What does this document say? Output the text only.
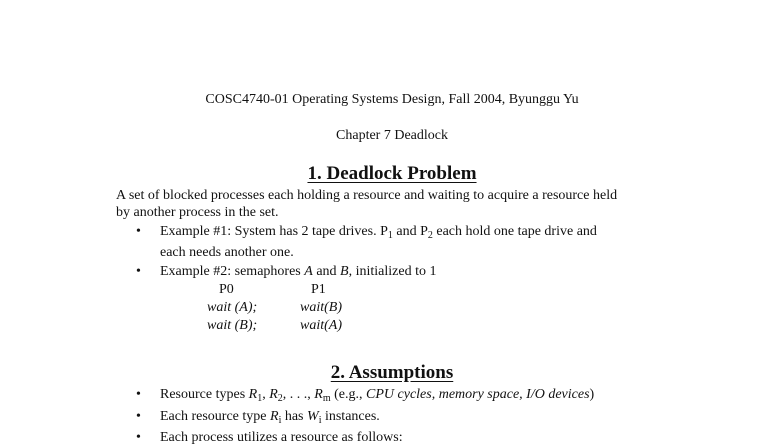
COSC4740-01 Operating Systems Design, Fall 2004, Byunggu Yu
Chapter 7 Deadlock
1. Deadlock Problem
A set of blocked processes each holding a resource and waiting to acquire a resource held
by another process in the set.
• Example #1: System has 2 tape drives. $P_1$ and $P_2$ each hold one tape drive and
each needs another one.
• Example #2: semaphores A and B, initialized to 1
P0	P1
wait (A);	wait(B)
wait (B);	wait(A)
2. Assumptions
• Resource types $R_1$, $R_2$, . . ., $R_m$ (e.g., CPU cycles, memory space, I/O devices)
• Each resource type $R_i$ has $W_i$ instances.
• Each process utilizes a resource as follows:
